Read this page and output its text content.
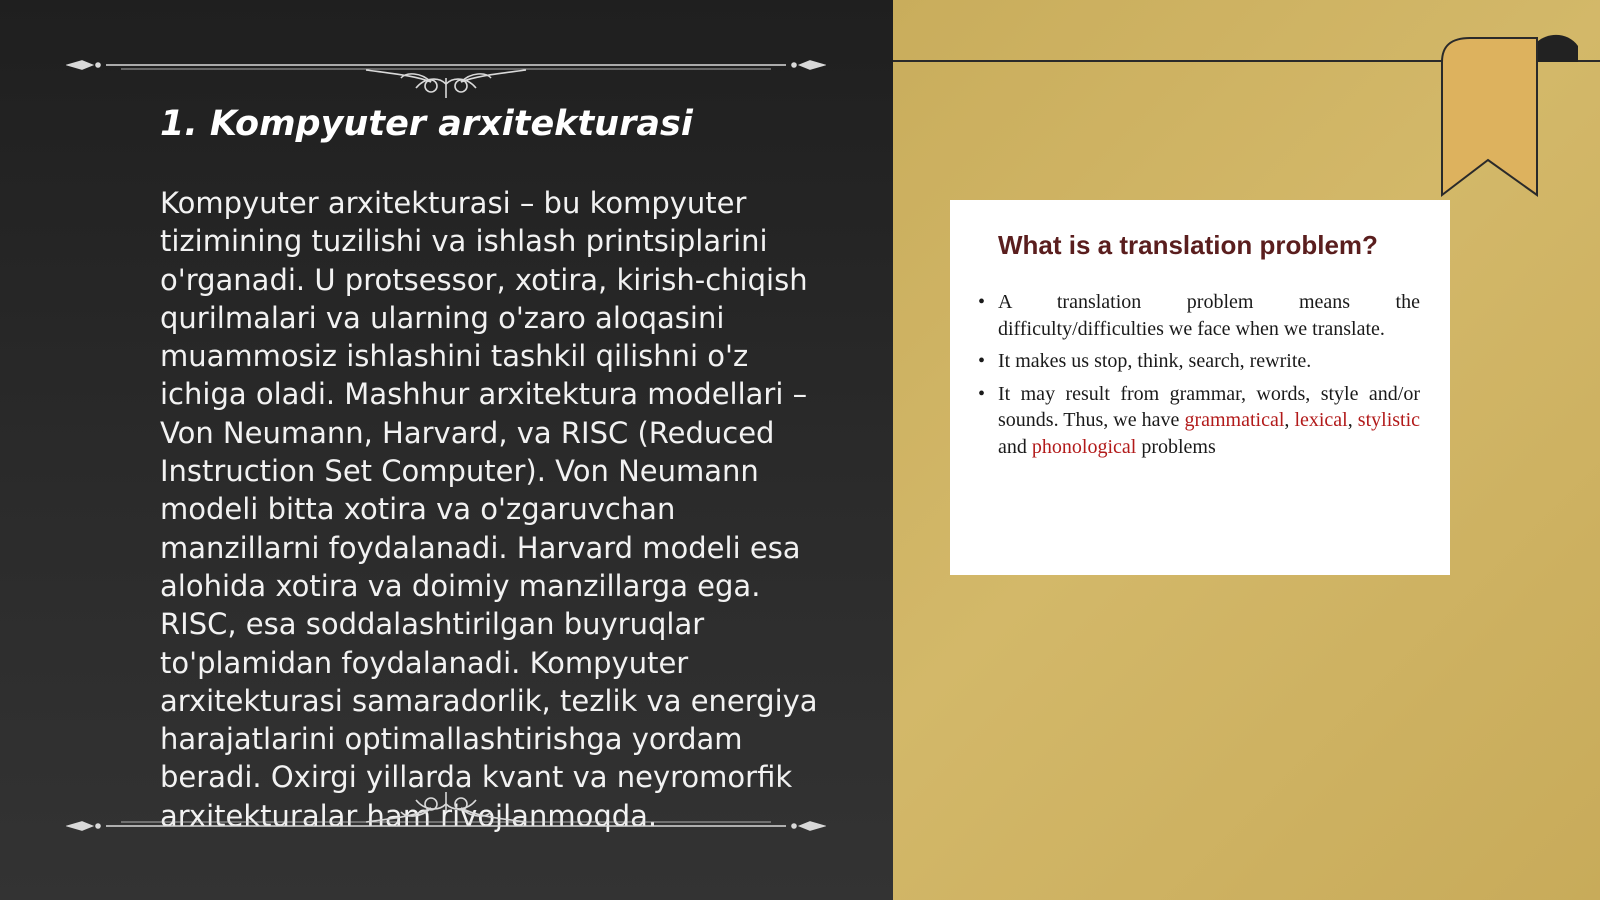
1. Kompyuter arxitekturasi

Kompyuter arxitekturasi – bu kompyuter tizimining tuzilishi va ishlash printsiplarini o'rganadi. U protsessor, xotira, kirish-chiqish qurilmalari va ularning o'zaro aloqasini muammosiz ishlashini tashkil qilishni o'z ichiga oladi. Mashhur arxitektura modellari – Von Neumann, Harvard, va RISC (Reduced Instruction Set Computer). Von Neumann modeli bitta xotira va o'zgaruvchan manzillarni foydalanadi. Harvard modeli esa alohida xotira va doimiy manzillarga ega. RISC, esa soddalashtirilgan buyruqlar to'plamidan foydalanadi. Kompyuter arxitekturasi samaradorlik, tezlik va energiya harajatlarini optimallashtirishga yordam beradi. Oxirgi yillarda kvant va neyromorfik arxitekturalar ham rivojlanmoqda.

What is a translation problem?
• A translation problem means the difficulty/difficulties we face when we translate.
• It makes us stop, think, search, rewrite.
• It may result from grammar, words, style and/or sounds. Thus, we have grammatical, lexical, stylistic and phonological problems
